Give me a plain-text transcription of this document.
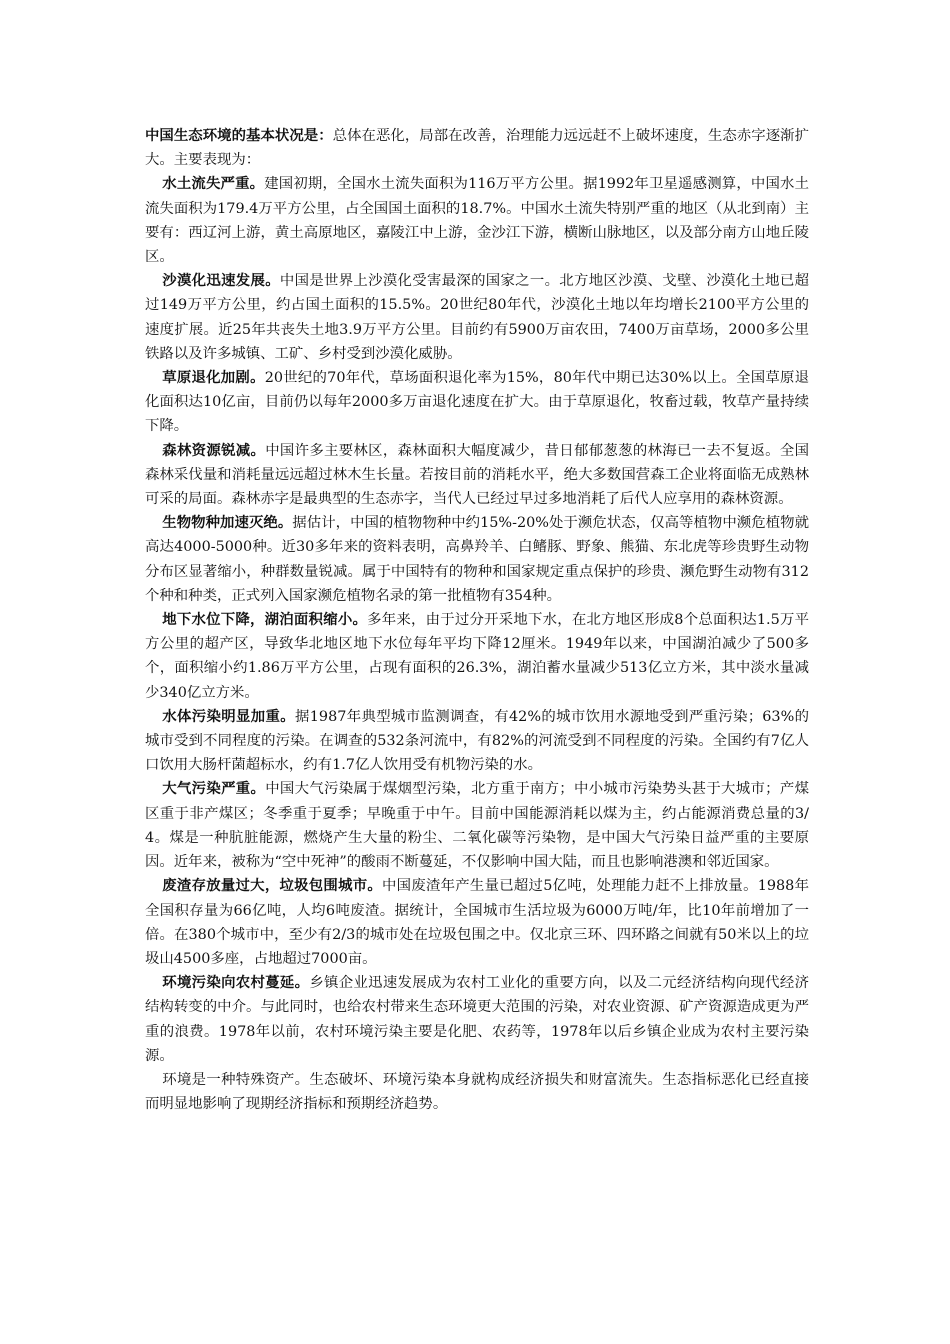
中国生态环境的基本状况是：总体在恶化，局部在改善，治理能力远远赶不上破坏速度，生态赤字逐渐扩大。主要表现为：

水土流失严重。建国初期，全国水土流失面积为116万平方公里。据1992年卫星遥感测算，中国水土流失面积为179.4万平方公里，占全国国土面积的18.7%。中国水土流失特别严重的地区（从北到南）主要有：西辽河上游，黄土高原地区，嘉陵江中上游，金沙江下游，横断山脉地区，以及部分南方山地丘陵区。

沙漠化迅速发展。中国是世界上沙漠化受害最深的国家之一。北方地区沙漠、戈壁、沙漠化土地已超过149万平方公里，约占国土面积的15.5%。20世纪80年代，沙漠化土地以年均增长2100平方公里的速度扩展。近25年共丧失土地3.9万平方公里。目前约有5900万亩农田，7400万亩草场，2000多公里铁路以及许多城镇、工矿、乡村受到沙漠化威胁。

草原退化加剧。20世纪的70年代，草场面积退化率为15%，80年代中期已达30%以上。全国草原退化面积达10亿亩，目前仍以每年2000多万亩退化速度在扩大。由于草原退化，牧畜过载，牧草产量持续下降。

森林资源锐减。中国许多主要林区，森林面积大幅度减少，昔日郁郁葱葱的林海已一去不复返。全国森林采伐量和消耗量远远超过林木生长量。若按目前的消耗水平，绝大多数国营森工企业将面临无成熟林可采的局面。森林赤字是最典型的生态赤字，当代人已经过早过多地消耗了后代人应享用的森林资源。

生物物种加速灭绝。据估计，中国的植物物种中约15%-20%处于濒危状态，仅高等植物中濒危植物就高达4000-5000种。近30多年来的资料表明，高鼻羚羊、白鳍豚、野象、熊猫、东北虎等珍贵野生动物分布区显著缩小，种群数量锐减。属于中国特有的物种和国家规定重点保护的珍贵、濒危野生动物有312个种和种类，正式列入国家濒危植物名录的第一批植物有354种。

地下水位下降，湖泊面积缩小。多年来，由于过分开采地下水，在北方地区形成8个总面积达1.5万平方公里的超产区，导致华北地区地下水位每年平均下降12厘米。1949年以来，中国湖泊减少了500多个，面积缩小约1.86万平方公里，占现有面积的26.3%，湖泊蓄水量减少513亿立方米，其中淡水量减少340亿立方米。

水体污染明显加重。据1987年典型城市监测调查，有42%的城市饮用水源地受到严重污染；63%的城市受到不同程度的污染。在调查的532条河流中，有82%的河流受到不同程度的污染。全国约有7亿人口饮用大肠杆菌超标水，约有1.7亿人饮用受有机物污染的水。

大气污染严重。中国大气污染属于煤烟型污染，北方重于南方；中小城市污染势头甚于大城市；产煤区重于非产煤区；冬季重于夏季；早晚重于中午。目前中国能源消耗以煤为主，约占能源消费总量的3/4。煤是一种肮脏能源，燃烧产生大量的粉尘、二氧化碳等污染物，是中国大气污染日益严重的主要原因。近年来，被称为“空中死神”的酸雨不断蔓延，不仅影响中国大陆，而且也影响港澳和邻近国家。

废渣存放量过大，垃圾包围城市。中国废渣年产生量已超过5亿吨，处理能力赶不上排放量。1988年全国积存量为66亿吨，人均6吨废渣。据统计，全国城市生活垃圾为6000万吨/年，比10年前增加了一倍。在380个城市中，至少有2/3的城市处在垃圾包围之中。仅北京三环、四环路之间就有50米以上的垃圾山4500多座，占地超过7000亩。

环境污染向农村蔓延。乡镇企业迅速发展成为农村工业化的重要方向，以及二元经济结构向现代经济结构转变的中介。与此同时，也给农村带来生态环境更大范围的污染，对农业资源、矿产资源造成更为严重的浪费。1978年以前，农村环境污染主要是化肥、农药等，1978年以后乡镇企业成为农村主要污染源。

环境是一种特殊资产。生态破坏、环境污染本身就构成经济损失和财富流失。生态指标恶化已经直接而明显地影响了现期经济指标和预期经济趋势。
